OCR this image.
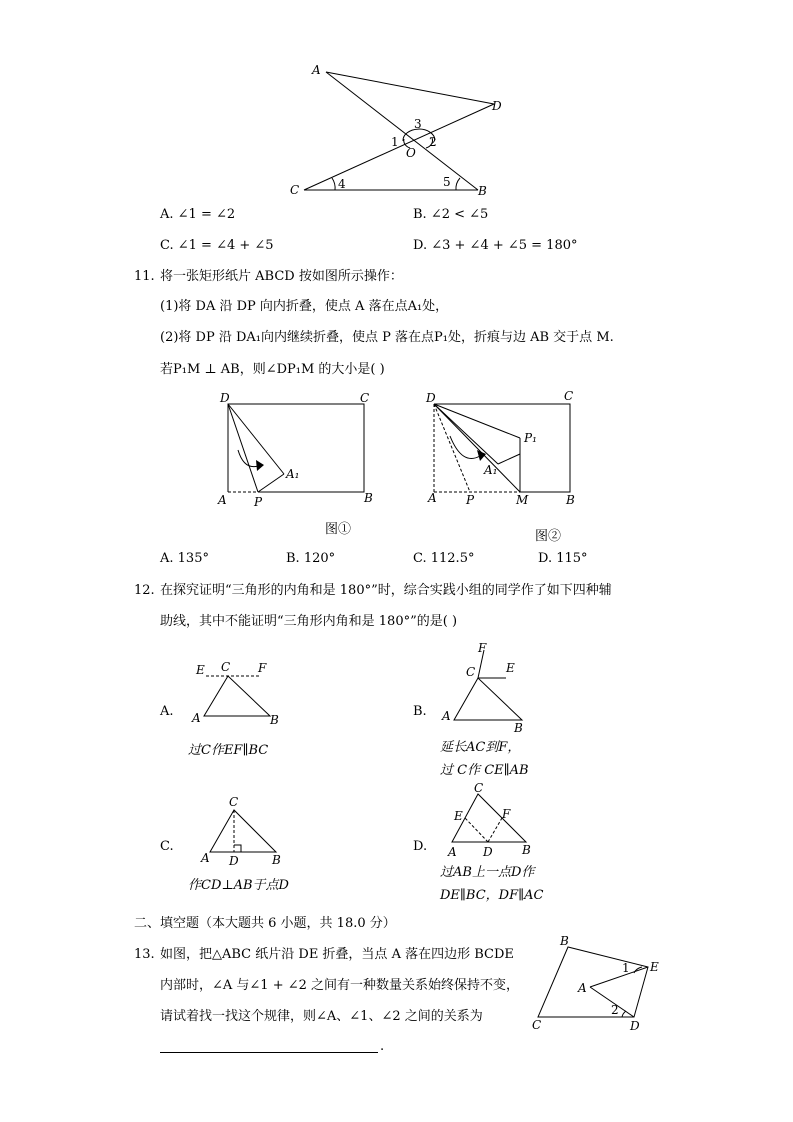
A
D
C	B
O
1	2
3
4	5
A. ∠1 = ∠2	B. ∠2 < ∠5
C. ∠1 = ∠4 + ∠5	D. ∠3 + ∠4 + ∠5 = 180°
11. 将一张矩形纸片 ABCD 按如图所示操作：
(1)将 DA 沿 DP 向内折叠，使点 A 落在点A₁处，
(2)将 DP 沿 DA₁向内继续折叠，使点 P 落在点P₁处，折痕与边 AB 交于点 M.
若P₁M ⊥ AB，则∠DP₁M 的大小是( )
D	C
A P	B
A₁
图①
D	C
A P	M	B
A₁
P₁
图②
A. 135°	B. 120°	C. 112.5°	D. 115°
12. 在探究证明“三角形的内角和是 180°”时，综合实践小组的同学作了如下四种辅
助线，其中不能证明“三角形内角和是 180°”的是( )
A.
E C F
A	B
过C作EF∥BC
B.
F
C	E
A
B
延长AC到F，
过 C作 CE∥AB
C.
C
A D	B
作CD⊥AB于点D
D.
C
E	F
A D B
过AB上一点D作
DE∥BC，DF∥AC
二、填空题（本大题共 6 小题，共 18.0 分）
13. 如图，把△ABC 纸片沿 DE 折叠，当点 A 落在四边形 BCDE
内部时，∠A 与∠1 + ∠2 之间有一种数量关系始终保持不变，
请试着找一找这个规律，则∠A、∠1、∠2 之间的关系为
.
B
E
A
C	D
1
2
